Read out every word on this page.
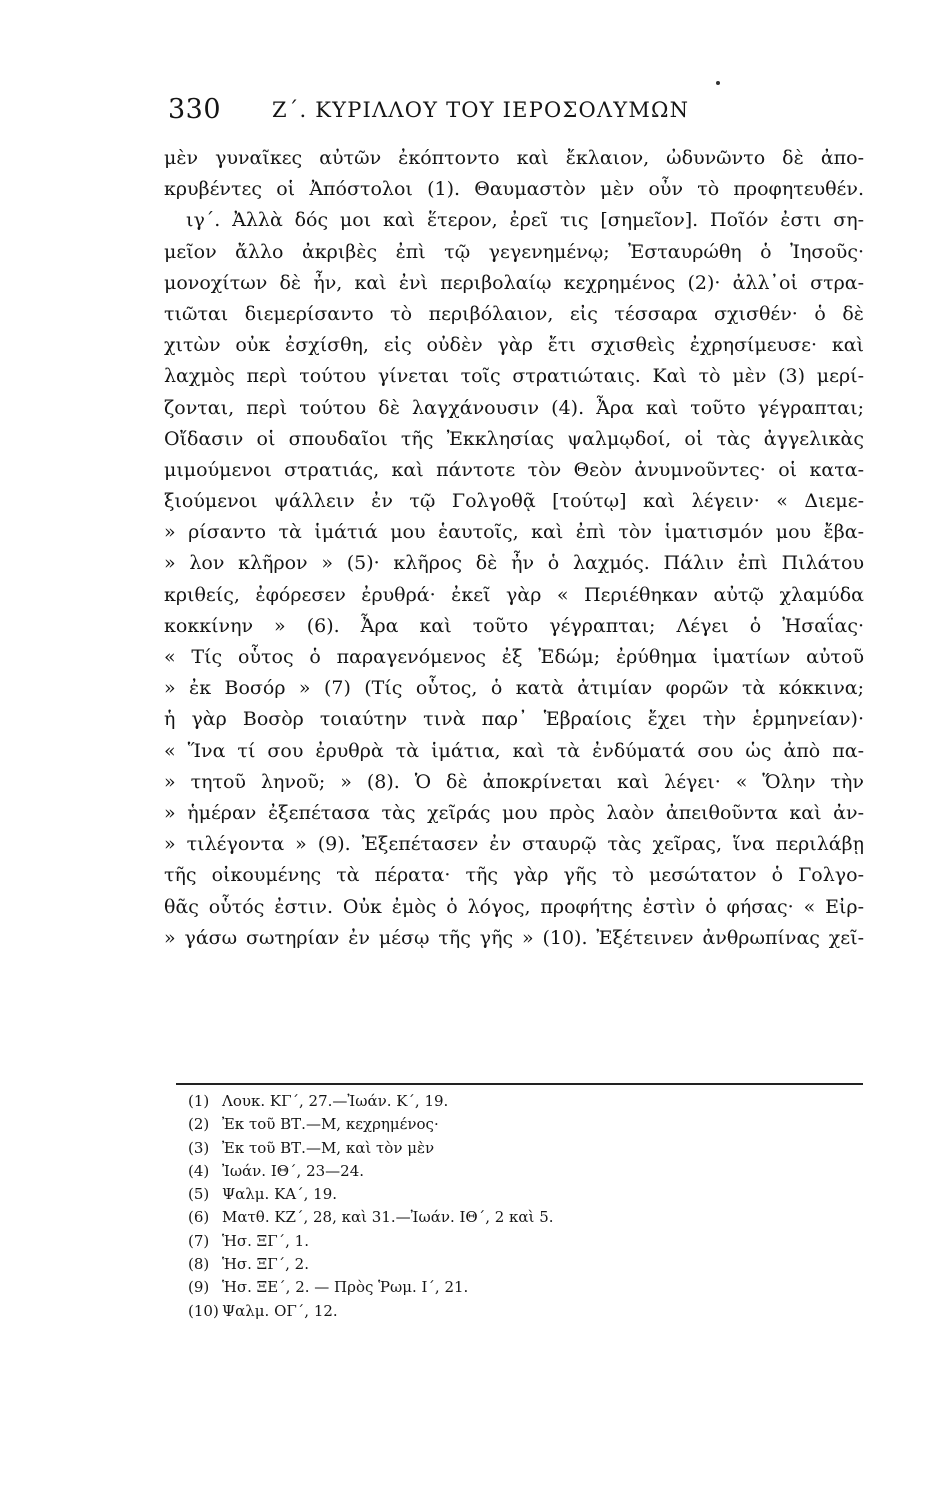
330 Ζ΄. ΚΥΡΙΛΛΟΥ ΤΟΥ ΙΕΡΟΣΟΛΥΜΩΝ
μὲν γυναῖκες αὐτῶν ἐκόπτοντο καὶ ἔκλαιον, ὠδυνῶντο δὲ ἀπο-
κρυβέντες οἱ Ἀπόστολοι (1). Θαυμαστὸν μὲν οὖν τὸ προφητευθέν.
ιγ΄. Ἀλλὰ δός μοι καὶ ἕτερον, ἐρεῖ τις [σημεῖον]. Ποῖόν ἐστι ση-
μεῖον ἄλλο ἀκριβὲς ἐπὶ τῷ γεγενημένῳ; Ἐσταυρώθη ὁ Ἰησοῦς·
μονοχίτων δὲ ἦν, καὶ ἐνὶ περιβολαίῳ κεχρημένος (2)· ἀλλ᾽οἱ στρα-
τιῶται διεμερίσαντο τὸ περιβόλαιον, εἰς τέσσαρα σχισθέν· ὁ δὲ
χιτὼν οὐκ ἐσχίσθη, εἰς οὐδὲν γὰρ ἔτι σχισθεὶς ἐχρησίμευσε· καὶ
λαχμὸς περὶ τούτου γίνεται τοῖς στρατιώταις. Καὶ τὸ μὲν (3) μερί-
ζονται, περὶ τούτου δὲ λαγχάνουσιν (4). Ἆρα καὶ τοῦτο γέγραπται;
Οἴδασιν οἱ σπουδαῖοι τῆς Ἐκκλησίας ψαλμῳδοί, οἱ τὰς ἀγγελικὰς
μιμούμενοι στρατιάς, καὶ πάντοτε τὸν Θεὸν ἀνυμνοῦντες· οἱ κατα-
ξιούμενοι ψάλλειν ἐν τῷ Γολγοθᾷ [τούτῳ] καὶ λέγειν· « Διεμε-
» ρίσαντο τὰ ἱμάτιά μου ἑαυτοῖς, καὶ ἐπὶ τὸν ἱματισμόν μου ἔβα-
» λον κλῆρον » (5)· κλῆρος δὲ ἦν ὁ λαχμός. Πάλιν ἐπὶ Πιλάτου
κριθείς, ἐφόρεσεν ἐρυθρά· ἐκεῖ γὰρ « Περιέθηκαν αὐτῷ χλαμύδα
κοκκίνην » (6). Ἆρα καὶ τοῦτο γέγραπται; Λέγει ὁ Ἠσαΐας·
« Τίς οὗτος ὁ παραγενόμενος ἐξ Ἐδώμ; ἐρύθημα ἱματίων αὐτοῦ
» ἐκ Βοσόρ » (7) (Τίς οὗτος, ὁ κατὰ ἀτιμίαν φορῶν τὰ κόκκινα;
ἡ γὰρ Βοσὸρ τοιαύτην τινὰ παρ᾽ Ἑβραίοις ἔχει τὴν ἑρμηνείαν)·
« Ἵνα τί σου ἐρυθρὰ τὰ ἱμάτια, καὶ τὰ ἐνδύματά σου ὡς ἀπὸ πα-
» τητοῦ ληνοῦ; » (8). Ὁ δὲ ἀποκρίνεται καὶ λέγει· « Ὅλην τὴν
» ἡμέραν ἐξεπέτασα τὰς χεῖράς μου πρὸς λαὸν ἀπειθοῦντα καὶ ἀν-
» τιλέγοντα » (9). Ἐξεπέτασεν ἐν σταυρῷ τὰς χεῖρας, ἵνα περιλάβῃ
τῆς οἰκουμένης τὰ πέρατα· τῆς γὰρ γῆς τὸ μεσώτατον ὁ Γολγο-
θᾶς οὗτός ἐστιν. Οὐκ ἐμὸς ὁ λόγος, προφήτης ἐστὶν ὁ φήσας· « Εἰρ-
» γάσω σωτηρίαν ἐν μέσῳ τῆς γῆς » (10). Ἐξέτεινεν ἀνθρωπίνας χεῖ-
(1) Λουκ. ΚΓ΄, 27.—Ἰωάν. Κ΄, 19.
(2) Ἐκ τοῦ ΒΤ.—Μ, κεχρημένος·
(3) Ἐκ τοῦ ΒΤ.—Μ, καὶ τὸν μὲν
(4) Ἰωάν. ΙΘ΄, 23—24.
(5) Ψαλμ. ΚΑ΄, 19.
(6) Ματθ. ΚΖ΄, 28, καὶ 31.—Ἰωάν. ΙΘ΄, 2 καὶ 5.
(7) Ἡσ. ΞΓ΄, 1.
(8) Ἡσ. ΞΓ΄, 2.
(9) Ἡσ. ΞΕ΄, 2. — Πρὸς Ῥωμ. Ι΄, 21.
(10) Ψαλμ. ΟΓ΄, 12.
